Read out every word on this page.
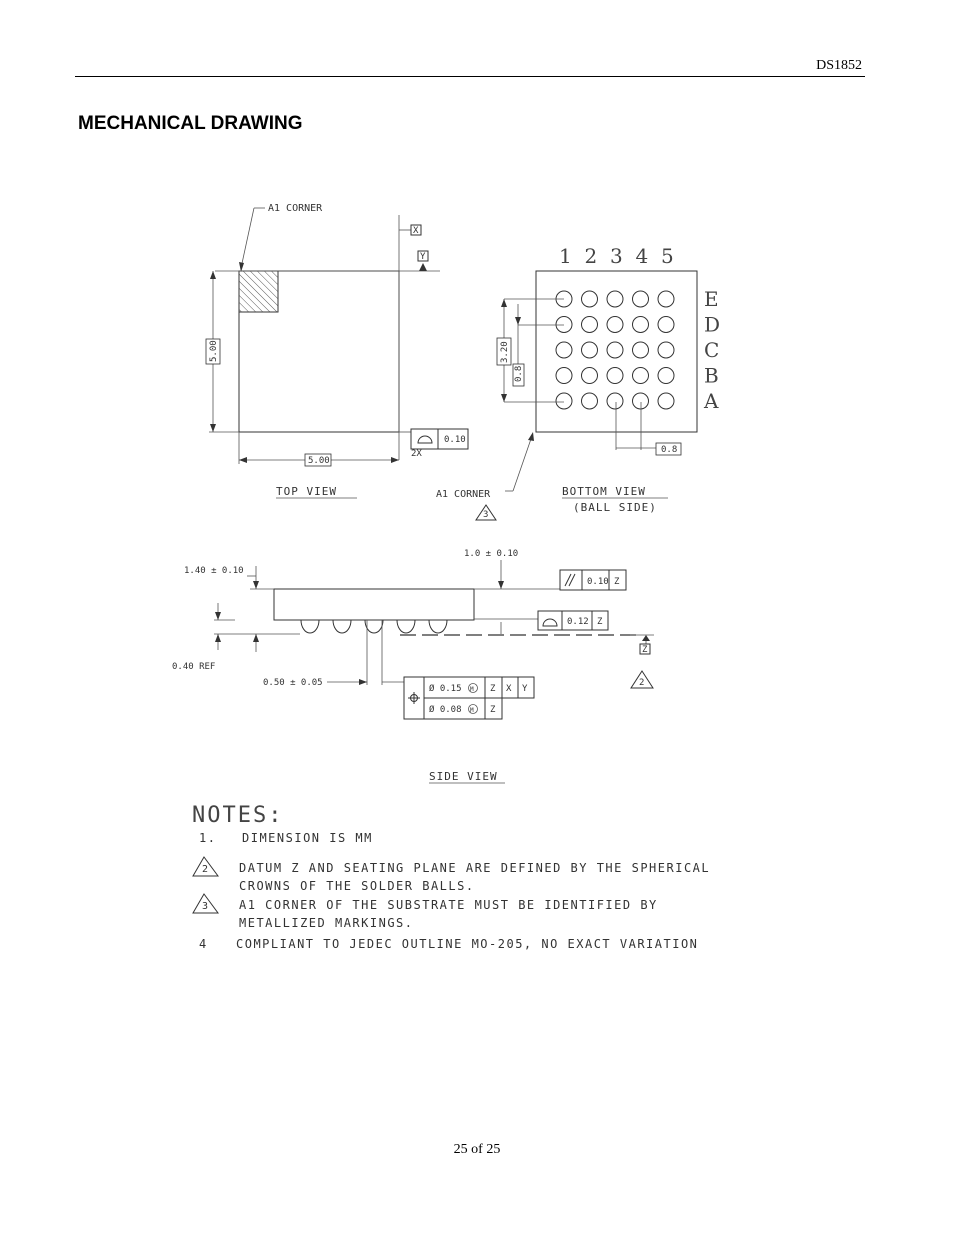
DS1852
MECHANICAL DRAWING
A1 CORNER
X
Y
5.00
5.00
0.10
2X
TOP VIEW
1 2 3 4 5
E
D
C
B
A
3.20
0.8
0.8
A1 CORNER
3
BOTTOM VIEW
(BALL SIDE)
Z
1.40 ± 0.10
1.0 ± 0.10
0.10 Z
0.12 Z
0.40 REF
0.50 ± 0.05
Ø 0.15 M Z X Y
Ø 0.08 M Z
2
SIDE VIEW
NOTES:
1. DIMENSION IS MM
2	DATUM Z AND SEATING PLANE ARE DEFINED BY THE SPHERICAL
CROWNS OF THE SOLDER BALLS.
3	A1 CORNER OF THE SUBSTRATE MUST BE IDENTIFIED BY
METALLIZED MARKINGS.
4 COMPLIANT TO JEDEC OUTLINE MO-205, NO EXACT VARIATION
25 of 25
